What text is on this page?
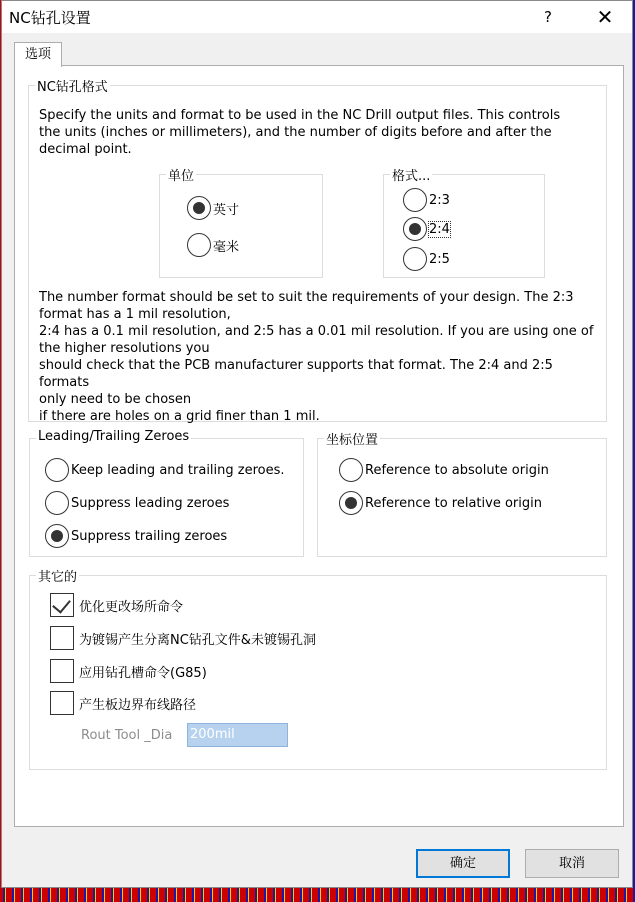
NC钻孔设置	?	✕
选项
NC钻孔格式
Specify the units and format to be used in the NC Drill output files. This controls the units (inches or millimeters), and the number of digits before and after the decimal point.
单位
英寸
毫米
格式...
2:3
2:4
2:5
The number format should be set to suit the requirements of your design. The 2:3
format has a 1 mil resolution,
2:4 has a 0.1 mil resolution, and 2:5 has a 0.01 mil resolution. If you are using one of
the higher resolutions you
should check that the PCB manufacturer supports that format. The 2:4 and 2:5 formats
only need to be chosen
if there are holes on a grid finer than 1 mil.
Leading/Trailing Zeroes
Keep leading and trailing zeroes.
Suppress leading zeroes
Suppress trailing zeroes
坐标位置
Reference to absolute origin
Reference to relative origin
其它的
优化更改场所命令
为镀锡产生分离NC钻孔文件&未镀锡孔洞
应用钻孔槽命令(G85)
产生板边界布线路径
Rout Tool _Dia 200mil
确定	取消
